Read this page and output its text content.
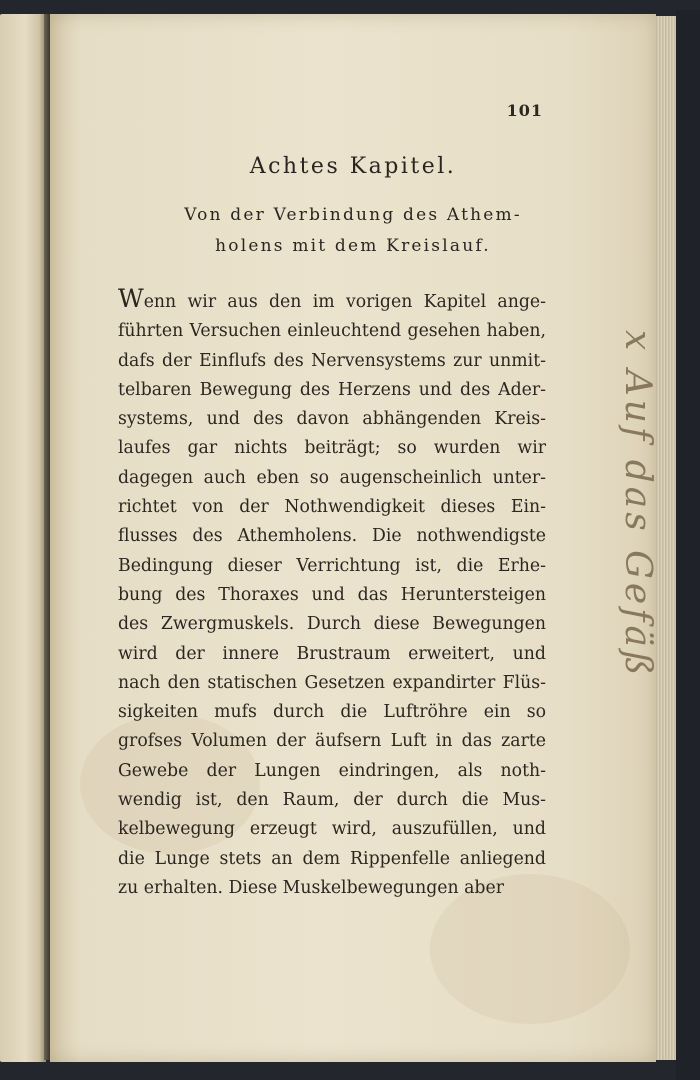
101
Achtes Kapitel.
Von der Verbindung des Athem-
holens mit dem Kreislauf.
Wenn wir aus den im vorigen Kapitel ange-
führten Versuchen einleuchtend gesehen haben,
dafs der Einflufs des Nervensystems zur unmit-
telbaren Bewegung des Herzens und des Ader-
systems, und des davon abhängenden Kreis-
laufes gar nichts beiträgt; so wurden wir
dagegen auch eben so augenscheinlich unter-
richtet von der Nothwendigkeit dieses Ein-
flusses des Athemholens. Die nothwendigste
Bedingung dieser Verrichtung ist, die Erhe-
bung des Thoraxes und das Heruntersteigen
des Zwergmuskels. Durch diese Bewegungen
wird der innere Brustraum erweitert, und
nach den statischen Gesetzen expandirter Flüs-
sigkeiten mufs durch die Luftröhre ein so
grofses Volumen der äufsern Luft in das zarte
Gewebe der Lungen eindringen, als noth-
wendig ist, den Raum, der durch die Mus-
kelbewegung erzeugt wird, auszufüllen, und
die Lunge stets an dem Rippenfelle anliegend
zu erhalten. Diese Muskelbewegungen aber
x Auf das Gefäß
